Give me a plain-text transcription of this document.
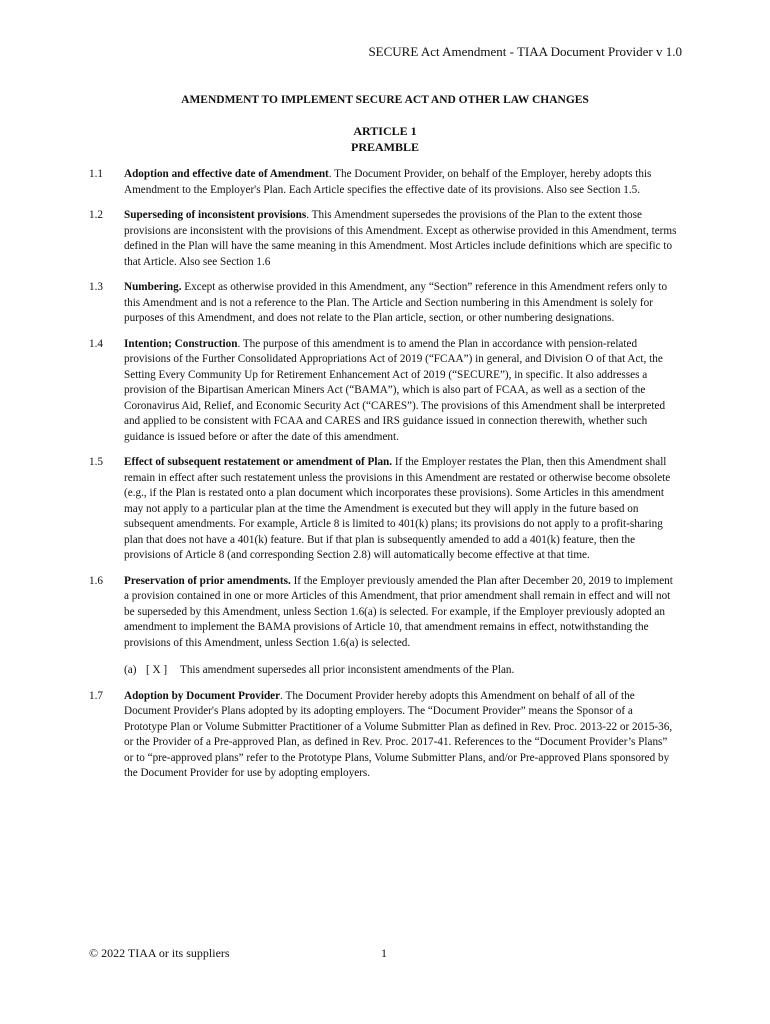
SECURE Act Amendment - TIAA Document Provider v 1.0
AMENDMENT TO IMPLEMENT SECURE ACT AND OTHER LAW CHANGES
ARTICLE 1
PREAMBLE
1.1 Adoption and effective date of Amendment. The Document Provider, on behalf of the Employer, hereby adopts this Amendment to the Employer's Plan. Each Article specifies the effective date of its provisions. Also see Section 1.5.
1.2 Superseding of inconsistent provisions. This Amendment supersedes the provisions of the Plan to the extent those provisions are inconsistent with the provisions of this Amendment. Except as otherwise provided in this Amendment, terms defined in the Plan will have the same meaning in this Amendment. Most Articles include definitions which are specific to that Article. Also see Section 1.6
1.3 Numbering. Except as otherwise provided in this Amendment, any “Section” reference in this Amendment refers only to this Amendment and is not a reference to the Plan. The Article and Section numbering in this Amendment is solely for purposes of this Amendment, and does not relate to the Plan article, section, or other numbering designations.
1.4 Intention; Construction. The purpose of this amendment is to amend the Plan in accordance with pension-related provisions of the Further Consolidated Appropriations Act of 2019 (“FCAA”) in general, and Division O of that Act, the Setting Every Community Up for Retirement Enhancement Act of 2019 (“SECURE”), in specific. It also addresses a provision of the Bipartisan American Miners Act (“BAMA”), which is also part of FCAA, as well as a section of the Coronavirus Aid, Relief, and Economic Security Act (“CARES”). The provisions of this Amendment shall be interpreted and applied to be consistent with FCAA and CARES and IRS guidance issued in connection therewith, whether such guidance is issued before or after the date of this amendment.
1.5 Effect of subsequent restatement or amendment of Plan. If the Employer restates the Plan, then this Amendment shall remain in effect after such restatement unless the provisions in this Amendment are restated or otherwise become obsolete (e.g., if the Plan is restated onto a plan document which incorporates these provisions). Some Articles in this amendment may not apply to a particular plan at the time the Amendment is executed but they will apply in the future based on subsequent amendments. For example, Article 8 is limited to 401(k) plans; its provisions do not apply to a profit-sharing plan that does not have a 401(k) feature. But if that plan is subsequently amended to add a 401(k) feature, then the provisions of Article 8 (and corresponding Section 2.8) will automatically become effective at that time.
1.6 Preservation of prior amendments. If the Employer previously amended the Plan after December 20, 2019 to implement a provision contained in one or more Articles of this Amendment, that prior amendment shall remain in effect and will not be superseded by this Amendment, unless Section 1.6(a) is selected. For example, if the Employer previously adopted an amendment to implement the BAMA provisions of Article 10, that amendment remains in effect, notwithstanding the provisions of this Amendment, unless Section 1.6(a) is selected.
(a) [ X ] This amendment supersedes all prior inconsistent amendments of the Plan.
1.7 Adoption by Document Provider. The Document Provider hereby adopts this Amendment on behalf of all of the Document Provider's Plans adopted by its adopting employers. The “Document Provider” means the Sponsor of a Prototype Plan or Volume Submitter Practitioner of a Volume Submitter Plan as defined in Rev. Proc. 2013-22 or 2015-36, or the Provider of a Pre-approved Plan, as defined in Rev. Proc. 2017-41. References to the “Document Provider’s Plans” or to “pre-approved plans” refer to the Prototype Plans, Volume Submitter Plans, and/or Pre-approved Plans sponsored by the Document Provider for use by adopting employers.
© 2022 TIAA or its suppliers	1
